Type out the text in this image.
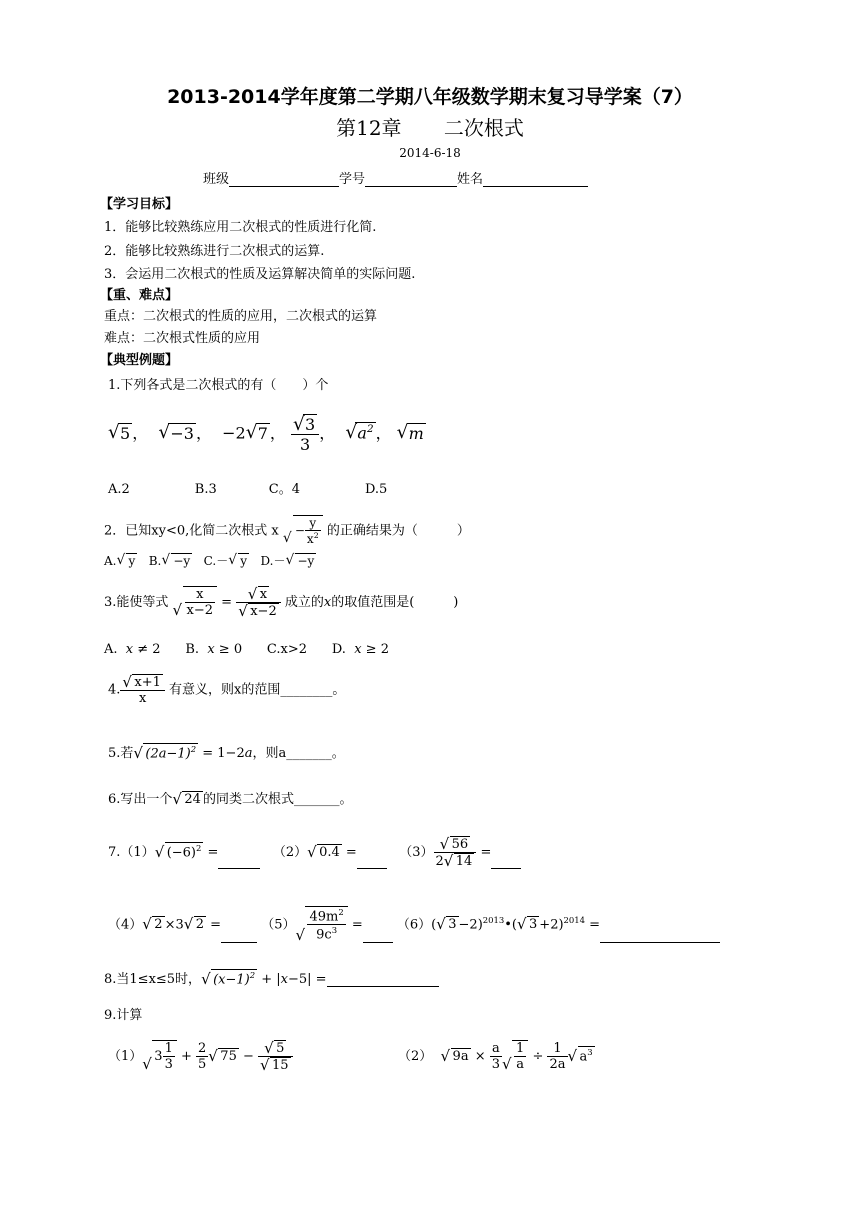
2013-2014学年度第二学期八年级数学期末复习导学案（7）
第12章 二次根式
2014-6-18
班级	学号	姓名
【学习目标】
1．能够比较熟练应用二次根式的性质进行化简.
2．能够比较熟练进行二次根式的运算.
3．会运用二次根式的性质及运算解决简单的实际问题.
【重、难点】
重点：二次根式的性质的应用，二次根式的运算
难点：二次根式性质的应用
【典型例题】
1.下列各式是二次根式的有（　　）个
√ 5 ，  √ −3 ，  −2 √ 7 ， √ $\frac{3}{3}$ ，  √ $a^2$ ， √ m
A.2　　　　　B.3　　　　C。4　　　　　D.5
2．已知xy<0,化简二次根式 x √ − $\frac{y}{x^2}$ 的正确结果为（　　　）
A. √ y B. √ −y C.－ √ y D.－ √ −y
3.能使等式 √ $\frac{x}{x-2}$ = √ x
√ x−2 成立的x的取值范围是(　　　)
A. x ≠ 2      B. x ≥ 0      C.x>2 D. x ≥ 2
4. √ $\frac{x+1}{x}$ 有意义，则x的范围________。
5.若 √ $(2a-1)^2 = 1-2a$，则a_______。
6.写出一个 √ 24 的同类二次根式_______。
7.（1） √ $(-6)^2$ =	（2） √ 0.4 =	（3） √ $\frac{56}{2 √ 14}$ =
（4） √ 2 ×3 √ 2 =	（5） √ $\frac{49m^2}{9c^3}$ =	（6）( √ 3 −2)$^{2013}$•( √ 3 +2)$^{2014}$ =
8.当1≤x≤5时， √ $(x-1)^2 + |x-5|$ =
9.计算
（1） √ $3 \frac{1}{3} + \frac{2}{5}$ √ 75 − √ 5
√ 15	（2） √ $9a \times \frac{a}{3}$ √ $\frac{1}{a} \div \frac{1}{2a}$ √ $a^3$
